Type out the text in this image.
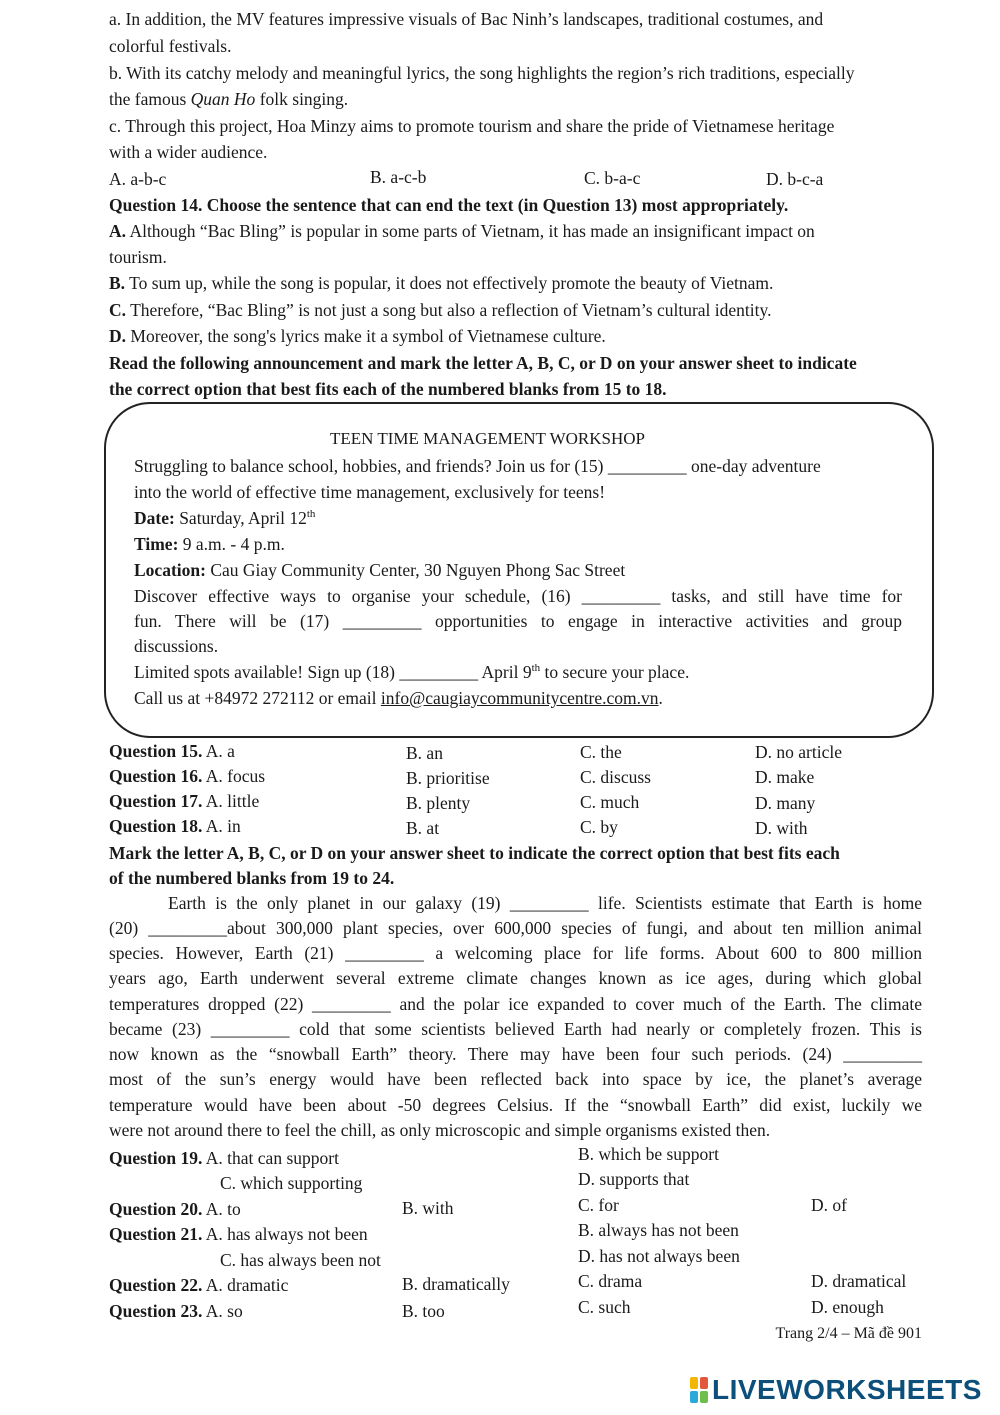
a. In addition, the MV features impressive visuals of Bac Ninh’s landscapes, traditional costumes, and
colorful festivals.
b. With its catchy melody and meaningful lyrics, the song highlights the region’s rich traditions, especially
the famous Quan Ho folk singing.
c. Through this project, Hoa Minzy aims to promote tourism and share the pride of Vietnamese heritage
with a wider audience.
A. a-b-c	B. a-c-b	C. b-a-c	D. b-c-a
Question 14. Choose the sentence that can end the text (in Question 13) most appropriately.
A. Although “Bac Bling” is popular in some parts of Vietnam, it has made an insignificant impact on
tourism.
B. To sum up, while the song is popular, it does not effectively promote the beauty of Vietnam.
C. Therefore, “Bac Bling” is not just a song but also a reflection of Vietnam’s cultural identity.
D. Moreover, the song's lyrics make it a symbol of Vietnamese culture.
Read the following announcement and mark the letter A, B, C, or D on your answer sheet to indicate
the correct option that best fits each of the numbered blanks from 15 to 18.
TEEN TIME MANAGEMENT WORKSHOP
Struggling to balance school, hobbies, and friends? Join us for (15) _________ one-day adventure
into the world of effective time management, exclusively for teens!
Date: Saturday, April 12th
Time: 9 a.m. - 4 p.m.
Location: Cau Giay Community Center, 30 Nguyen Phong Sac Street
Discover effective ways to organise your schedule, (16) _________ tasks, and still have time for
fun. There will be (17) _________ opportunities to engage in interactive activities and group
discussions.
Limited spots available! Sign up (18) _________ April 9th to secure your place.
Call us at +84972 272112 or email info@caugiaycommunitycentre.com.vn.
Question 15. A. a	B. an	C. the	D. no article
Question 16. A. focus	B. prioritise	C. discuss	D. make
Question 17. A. little	B. plenty	C. much	D. many
Question 18. A. in	B. at	C. by	D. with
Mark the letter A, B, C, or D on your answer sheet to indicate the correct option that best fits each
of the numbered blanks from 19 to 24.
Earth is the only planet in our galaxy (19) _________ life. Scientists estimate that Earth is home
(20) _________about 300,000 plant species, over 600,000 species of fungi, and about ten million animal
species. However, Earth (21) _________ a welcoming place for life forms. About 600 to 800 million
years ago, Earth underwent several extreme climate changes known as ice ages, during which global
temperatures dropped (22) _________ and the polar ice expanded to cover much of the Earth. The climate
became (23) _________ cold that some scientists believed Earth had nearly or completely frozen. This is
now known as the “snowball Earth” theory. There may have been four such periods. (24) _________
most of the sun’s energy would have been reflected back into space by ice, the planet’s average
temperature would have been about -50 degrees Celsius. If the “snowball Earth” did exist, luckily we
were not around there to feel the chill, as only microscopic and simple organisms existed then.
Question 19. A. that can support	B. which be support
C. which supporting	D. supports that
Question 20. A. to	B. with	C. for	D. of
Question 21. A. has always not been	B. always has not been
C. has always been not	D. has not always been
Question 22. A. dramatic	B. dramatically	C. drama	D. dramatical
Question 23. A. so	B. too	C. such	D. enough
Trang 2/4 – Mã đề 901
LIVEWORKSHEETS
